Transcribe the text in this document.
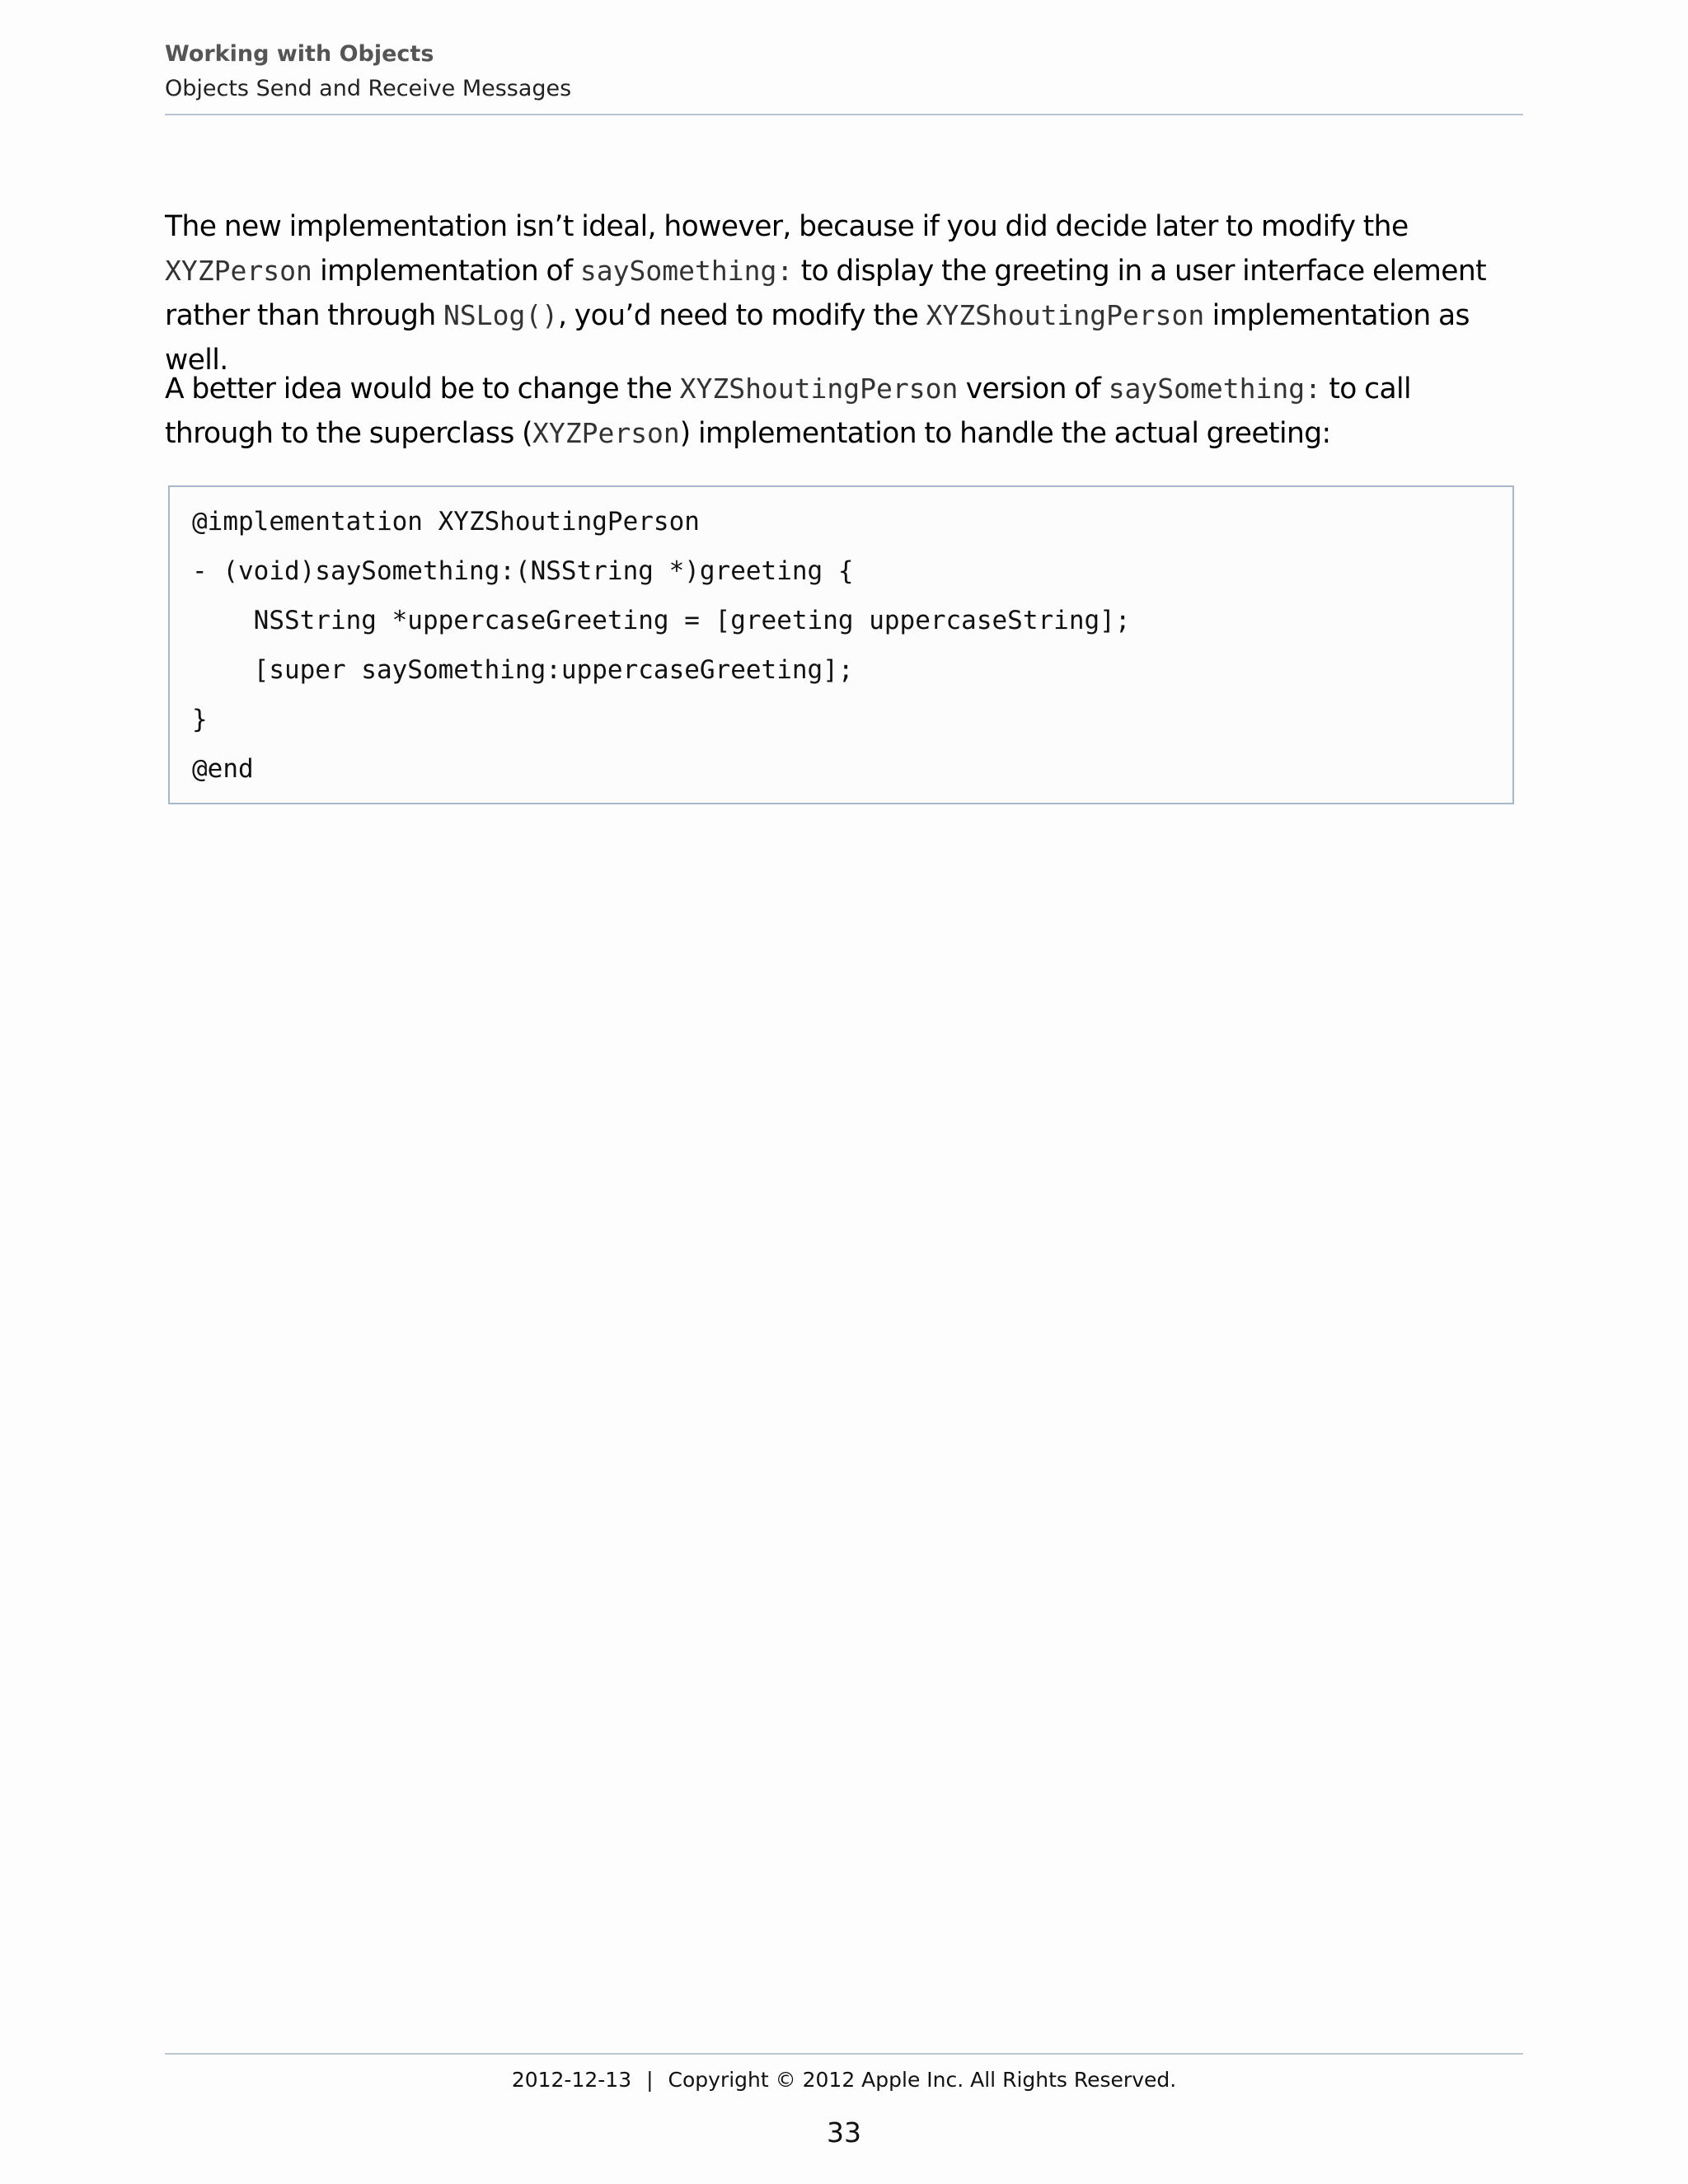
Working with Objects
Objects Send and Receive Messages
The new implementation isn’t ideal, however, because if you did decide later to modify the XYZPerson implementation of saySomething: to display the greeting in a user interface element rather than through NSLog(), you’d need to modify the XYZShoutingPerson implementation as well.
A better idea would be to change the XYZShoutingPerson version of saySomething: to call through to the superclass (XYZPerson) implementation to handle the actual greeting:
@implementation XYZShoutingPerson
- (void)saySomething:(NSString *)greeting {
NSString *uppercaseGreeting = [greeting uppercaseString];
[super saySomething:uppercaseGreeting];
}
@end
2012-12-13 | Copyright © 2012 Apple Inc. All Rights Reserved.
33
